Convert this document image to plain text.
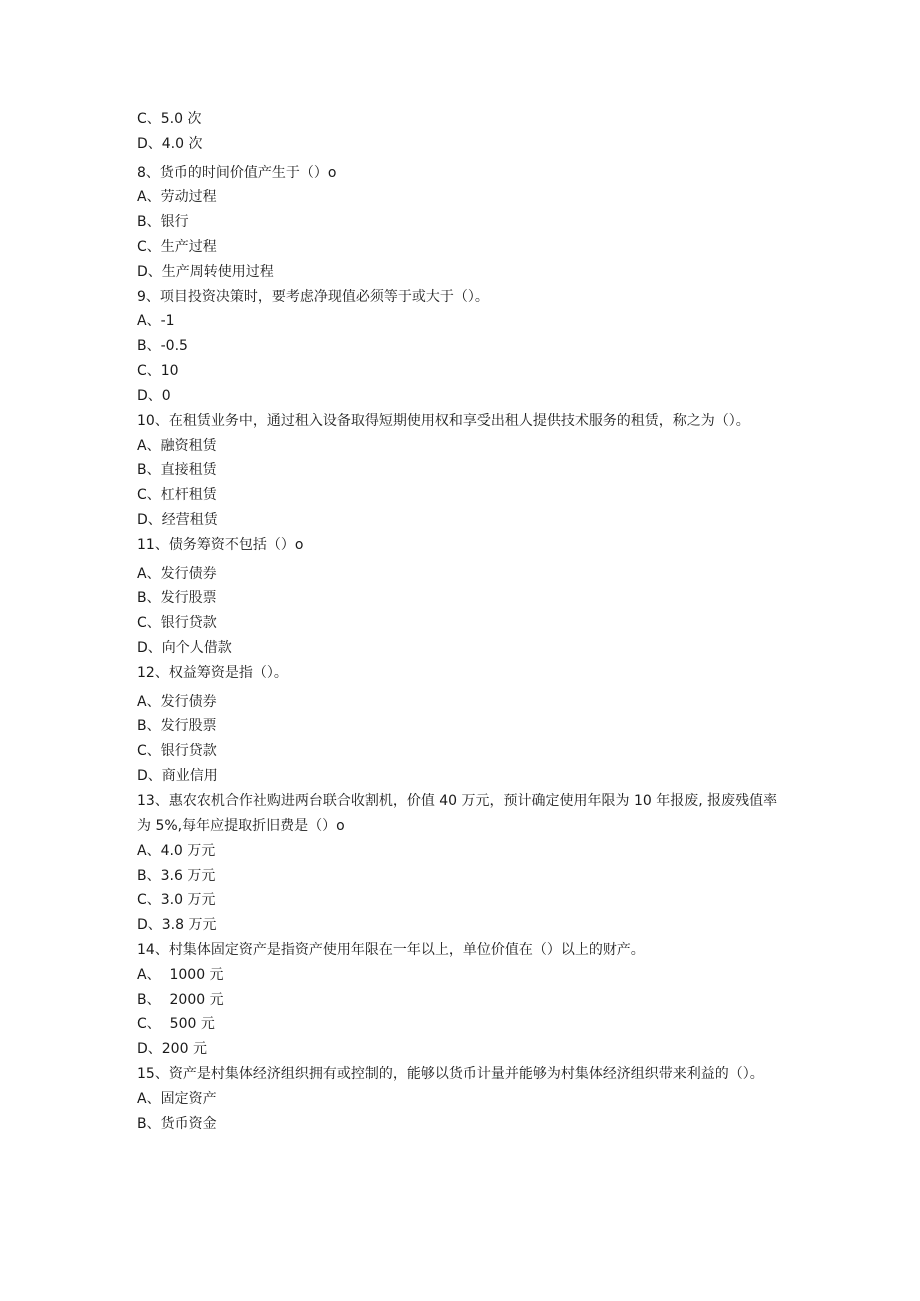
C、5.0 次

D、4.0 次

8、货币的时间价值产生于（）o

A、劳动过程

B、银行

C、生产过程

D、生产周转使用过程

9、项目投资决策时，要考虑净现值必须等于或大于（）。

A、-1

B、-0.5

C、10

D、0

10、在租赁业务中，通过租入设备取得短期使用权和享受出租人提供技术服务的租赁，称之为（）。

A、融资租赁

B、直接租赁

C、杠杆租赁

D、经营租赁

11、债务筹资不包括（）o

A、发行债券

B、发行股票

C、银行贷款

D、向个人借款

12、权益筹资是指（）。

A、发行债券

B、发行股票

C、银行贷款

D、商业信用

13、惠农农机合作社购进两台联合收割机，价值 40 万元，预计确定使用年限为 10 年报废, 报废残值率为 5%,每年应提取折旧费是（）o

A、4.0 万元

B、3.6 万元

C、3.0 万元

D、3.8 万元

14、村集体固定资产是指资产使用年限在一年以上，单位价值在（）以上的财产。

A、  1000 元

B、  2000 元

C、  500 元

D、200 元

15、资产是村集体经济组织拥有或控制的，能够以货币计量并能够为村集体经济组织带来利益的（）。

A、固定资产

B、货币资金
